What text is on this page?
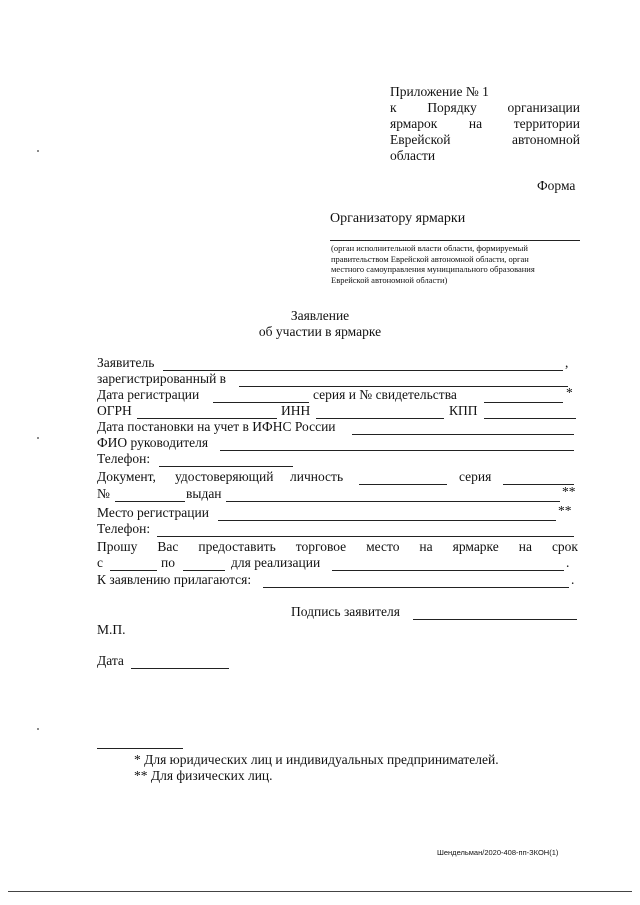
Приложение № 1
к Порядку организации
ярмарок на территории
Еврейской	автономной
области
Форма
Организатору ярмарки
(орган исполнительной власти области, формируемый
правительством Еврейской автономной области, орган
местного самоуправления муниципального образования
Еврейской автономной области)
Заявление
об участии в ярмарке
Заявитель	,
зарегистрированный в
Дата регистрации	серия и № свидетельства	*
ОГРН	ИНН	КПП
Дата постановки на учет в ИФНС России
ФИО руководителя
Телефон:
Документ, удостоверяющий личность	серия
№	выдан	**
Место регистрации	**
Телефон:
Прошу Вас предоставить торговое место на ярмарке на срок
с	по	для реализации	.
К заявлению прилагаются:	.
Подпись заявителя
М.П.
Дата
* Для юридических лиц и индивидуальных предпринимателей.
** Для физических лиц.
Шендельман/2020-408-пп-ЗКОН(1)
